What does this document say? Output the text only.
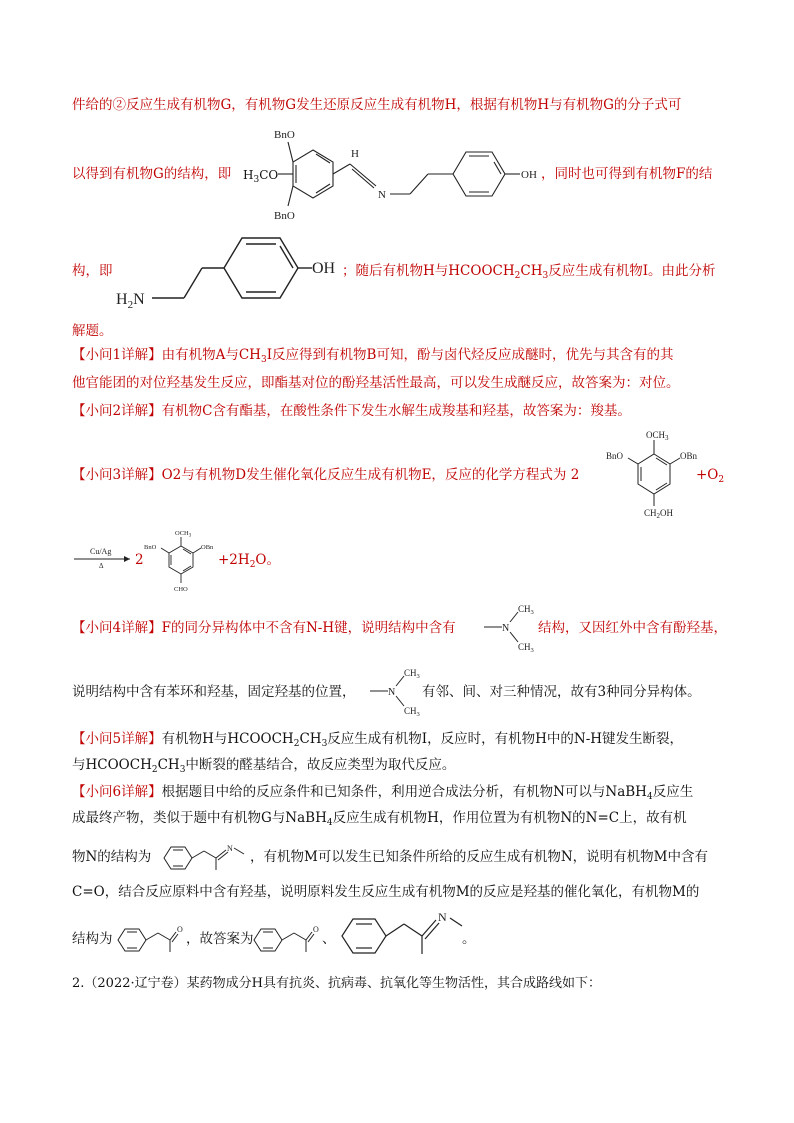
件给的②反应生成有机物G，有机物G发生还原反应生成有机物H，根据有机物H与有机物G的分子式可
BnO
BnO
H
N
OH
以得到有机物G的结构，即 $H_3CO$	，同时也可得到有机物F的结
构，即
$H_2N$
OH ；随后有机物H与$HCOOCH_2CH_3$反应生成有机物I。由此分析
解题。
【小问1详解】由有机物A与$CH_3I$反应得到有机物B可知，酚与卤代烃反应成醚时，优先与其含有的其
他官能团的对位羟基发生反应，即酯基对位的酚羟基活性最高，可以发生成醚反应，故答案为：对位。
【小问2详解】有机物C含有酯基，在酸性条件下发生水解生成羧基和羟基，故答案为：羧基。
【小问3详解】O2与有机物D发生催化氧化反应生成有机物E，反应的化学方程式为 2
$OCH_3$
BnO	OBn
$CH_2OH$
$+O_2$
Cu/Ag
Δ 2
$OCH_3$
BnO	OBn
CHO
$+2H_2O$。
【小问4详解】F的同分异构体中不含有N-H键，说明结构中含有	N
$CH_3$
$CH_3$
结构，又因红外中含有酚羟基，
说明结构中含有苯环和羟基，固定羟基的位置，	N
$CH_3$
$CH_3$
有邻、间、对三种情况，故有3种同分异构体。
【小问5详解】有机物H与$HCOOCH_2CH_3$反应生成有机物I，反应时，有机物H中的N-H键发生断裂，
与$HCOOCH_2CH_3$中断裂的醛基结合，故反应类型为取代反应。
【小问6详解】根据题目中给的反应条件和已知条件，利用逆合成法分析，有机物N可以与NaBH$_4$反应生
成最终产物，类似于题中有机物G与NaBH$_4$反应生成有机物H，作用位置为有机物N的N=C上，故有机
物N的结构为
N
，有机物M可以发生已知条件所给的反应生成有机物N，说明有机物M中含有
C=O，结合反应原料中含有羟基，说明原料发生反应生成有机物M的反应是羟基的催化氧化，有机物M的
结构为
O
，故答案为
O
、
N
。
2.（2022·辽宁卷）某药物成分H具有抗炎、抗病毒、抗氧化等生物活性，其合成路线如下：
